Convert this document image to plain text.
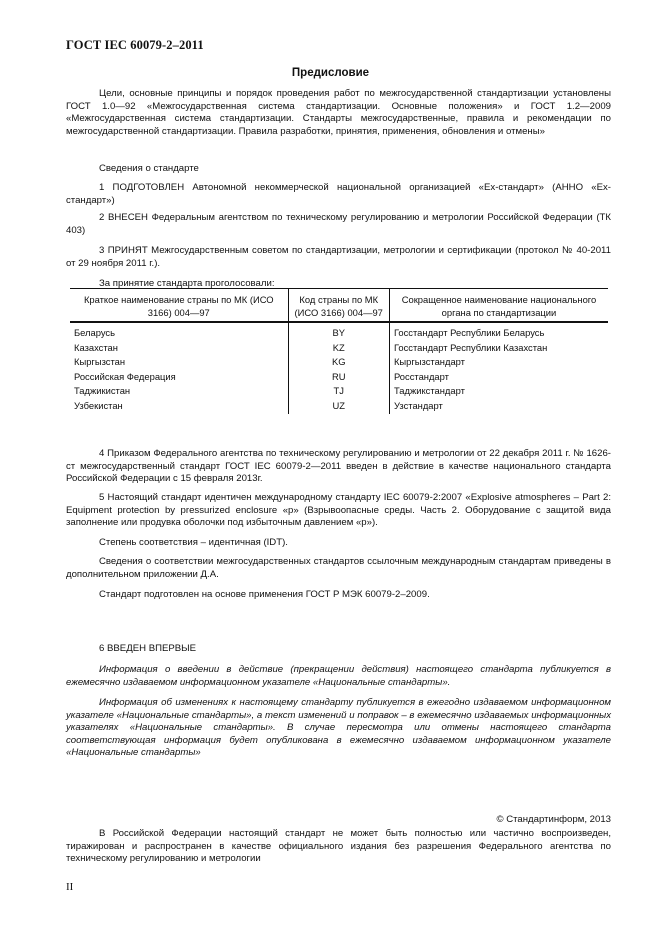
ГОСТ IEC 60079-2–2011
Предисловие
Цели, основные принципы и порядок проведения работ по межгосударственной стандартизации установлены ГОСТ 1.0—92 «Межгосударственная система стандартизации. Основные положения» и ГОСТ 1.2—2009 «Межгосударственная система стандартизации. Стандарты межгосударственные, правила и рекомендации по межгосударственной стандартизации. Правила разработки, принятия, применения, обновления и отмены»
Сведения о стандарте
1 ПОДГОТОВЛЕН Автономной некоммерческой национальной организацией «Ех-стандарт» (АННО «Ех-стандарт»)
2 ВНЕСЕН Федеральным агентством по техническому регулированию и метрологии Российской Федерации (ТК 403)
3 ПРИНЯТ Межгосударственным советом по стандартизации, метрологии и сертификации (протокол № 40-2011 от 29 ноября 2011 г.).
За принятие стандарта проголосовали:
Краткое наименование страны по МК (ИСО 3166) 004—97	Код страны по МК (ИСО 3166) 004—97	Сокращенное наименование национального органа по стандартизации
Беларусь	BY	Госстандарт Республики Беларусь
Казахстан	KZ	Госстандарт Республики Казахстан
Кыргызстан	KG	Кыргызстандарт
Российская Федерация	RU	Росстандарт
Таджикистан	TJ	Таджикстандарт
Узбекистан	UZ	Узстандарт
4 Приказом Федерального агентства по техническому регулированию и метрологии от 22 декабря 2011 г. № 1626-ст межгосударственный стандарт ГОСТ IEC 60079-2—2011 введен в действие в качестве национального стандарта Российской Федерации с 15 февраля 2013г.
5 Настоящий стандарт идентичен международному стандарту IEC 60079-2:2007 «Explosive atmospheres – Part 2: Equipment protection by pressurized enclosure «p» (Взрывоопасные среды. Часть 2. Оборудование с защитой вида заполнение или продувка оболочки под избыточным давлением «p»).
Степень соответствия – идентичная (IDT).
Сведения о соответствии межгосударственных стандартов ссылочным международным стандартам приведены в дополнительном приложении Д.А.
Стандарт подготовлен на основе применения ГОСТ Р МЭК 60079-2–2009.
6 ВВЕДЕН ВПЕРВЫЕ
Информация о введении в действие (прекращении действия) настоящего стандарта публикуется в ежемесячно издаваемом информационном указателе «Национальные стандарты».
Информация об изменениях к настоящему стандарту публикуется в ежегодно издаваемом информационном указателе «Национальные стандарты», а текст изменений и поправок – в ежемесячно издаваемых информационных указателях «Национальные стандарты». В случае пересмотра или отмены настоящего стандарта соответствующая информация будет опубликована в ежемесячно издаваемом информационном указателе «Национальные стандарты»
© Стандартинформ, 2013
В Российской Федерации настоящий стандарт не может быть полностью или частично воспроизведен, тиражирован и распространен в качестве официального издания без разрешения Федерального агентства по техническому регулированию и метрологии
II
